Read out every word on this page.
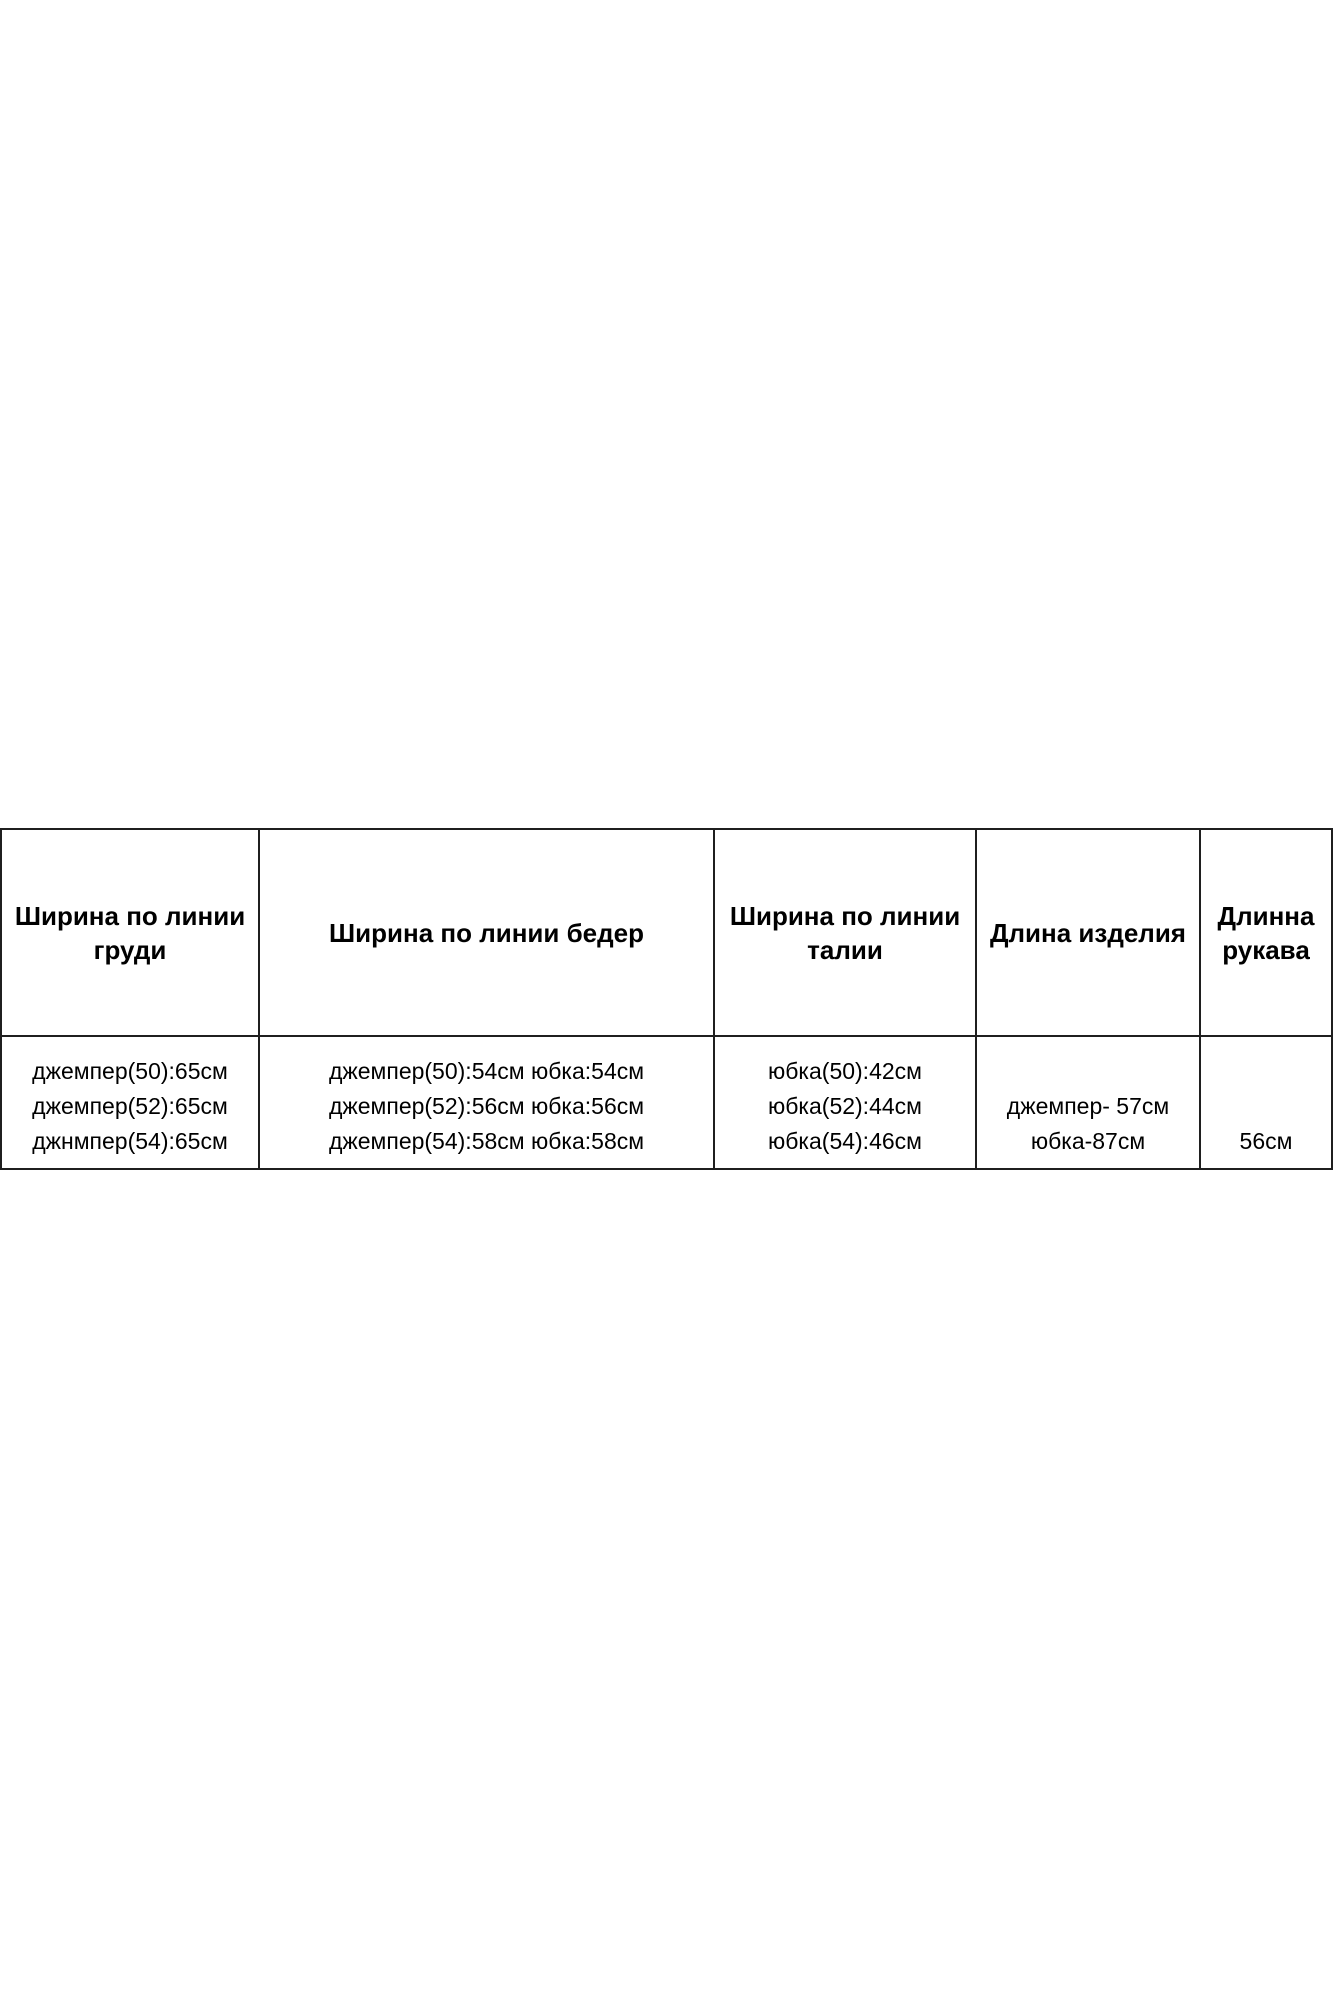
Ширина по линии груди
джемпер(50):65см
джемпер(52):65см
джнмпер(54):65см
Ширина по линии бедер
джемпер(50):54см юбка:54см
джемпер(52):56см юбка:56см
джемпер(54):58см юбка:58см
Ширина по линии талии
юбка(50):42см
юбка(52):44см
юбка(54):46см
Длина изделия
джемпер- 57см
юбка-87см
Длинна рукава
56см
